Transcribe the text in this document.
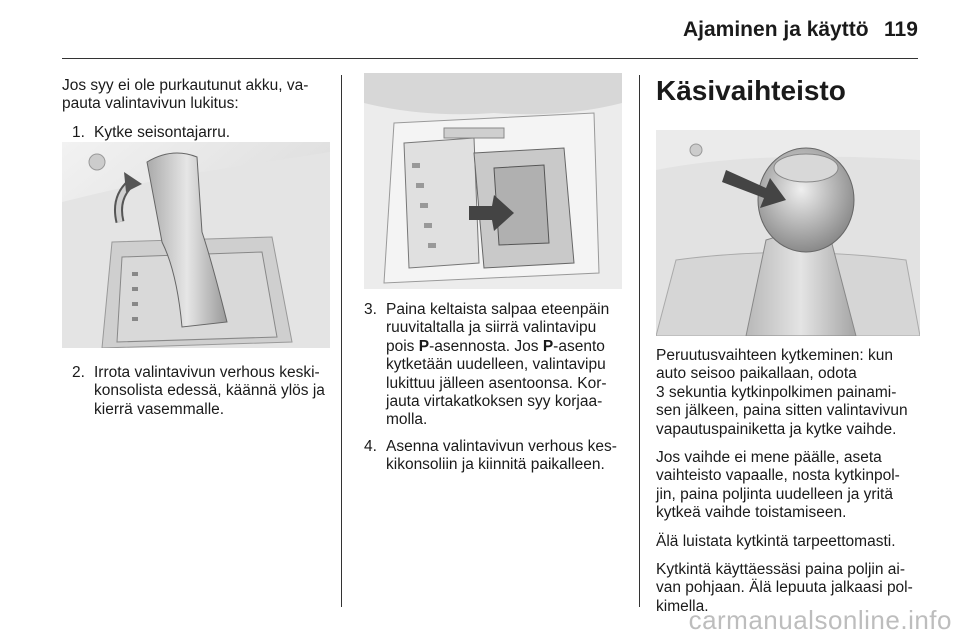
Ajaminen ja käyttö 119

Jos syy ei ole purkautunut akku, va-
pauta valintavivun lukitus:

1. Kytke seisontajarru.
2. Irrota valintavivun verhous keski-
konsolista edessä, käännä ylös ja
kierrä vasemmalle.
3. Paina keltaista salpaa eteenpäin
ruuvitaltalla ja siirrä valintavipu
pois P-asennosta. Jos P-asento
kytketään uudelleen, valintavipu
lukittuu jälleen asentoonsa. Kor-
jauta virtakatkoksen syy korjaa-
molla.
4. Asenna valintavivun verhous kes-
kikonsoliin ja kiinnitä paikalleen.
Käsivaihteisto

Peruutusvaihteen kytkeminen: kun
auto seisoo paikallaan, odota
3 sekuntia kytkinpolkimen painami-
sen jälkeen, paina sitten valintavivun
vapautuspainiketta ja kytke vaihde.

Jos vaihde ei mene päälle, aseta
vaihteisto vapaalle, nosta kytkinpol-
jin, paina poljinta uudelleen ja yritä
kytkeä vaihde toistamiseen.

Älä luistata kytkintä tarpeettomasti.

Kytkintä käyttäessäsi paina poljin ai-
van pohjaan. Älä lepuuta jalkaasi pol-
kimella.

carmanualsonline.info
